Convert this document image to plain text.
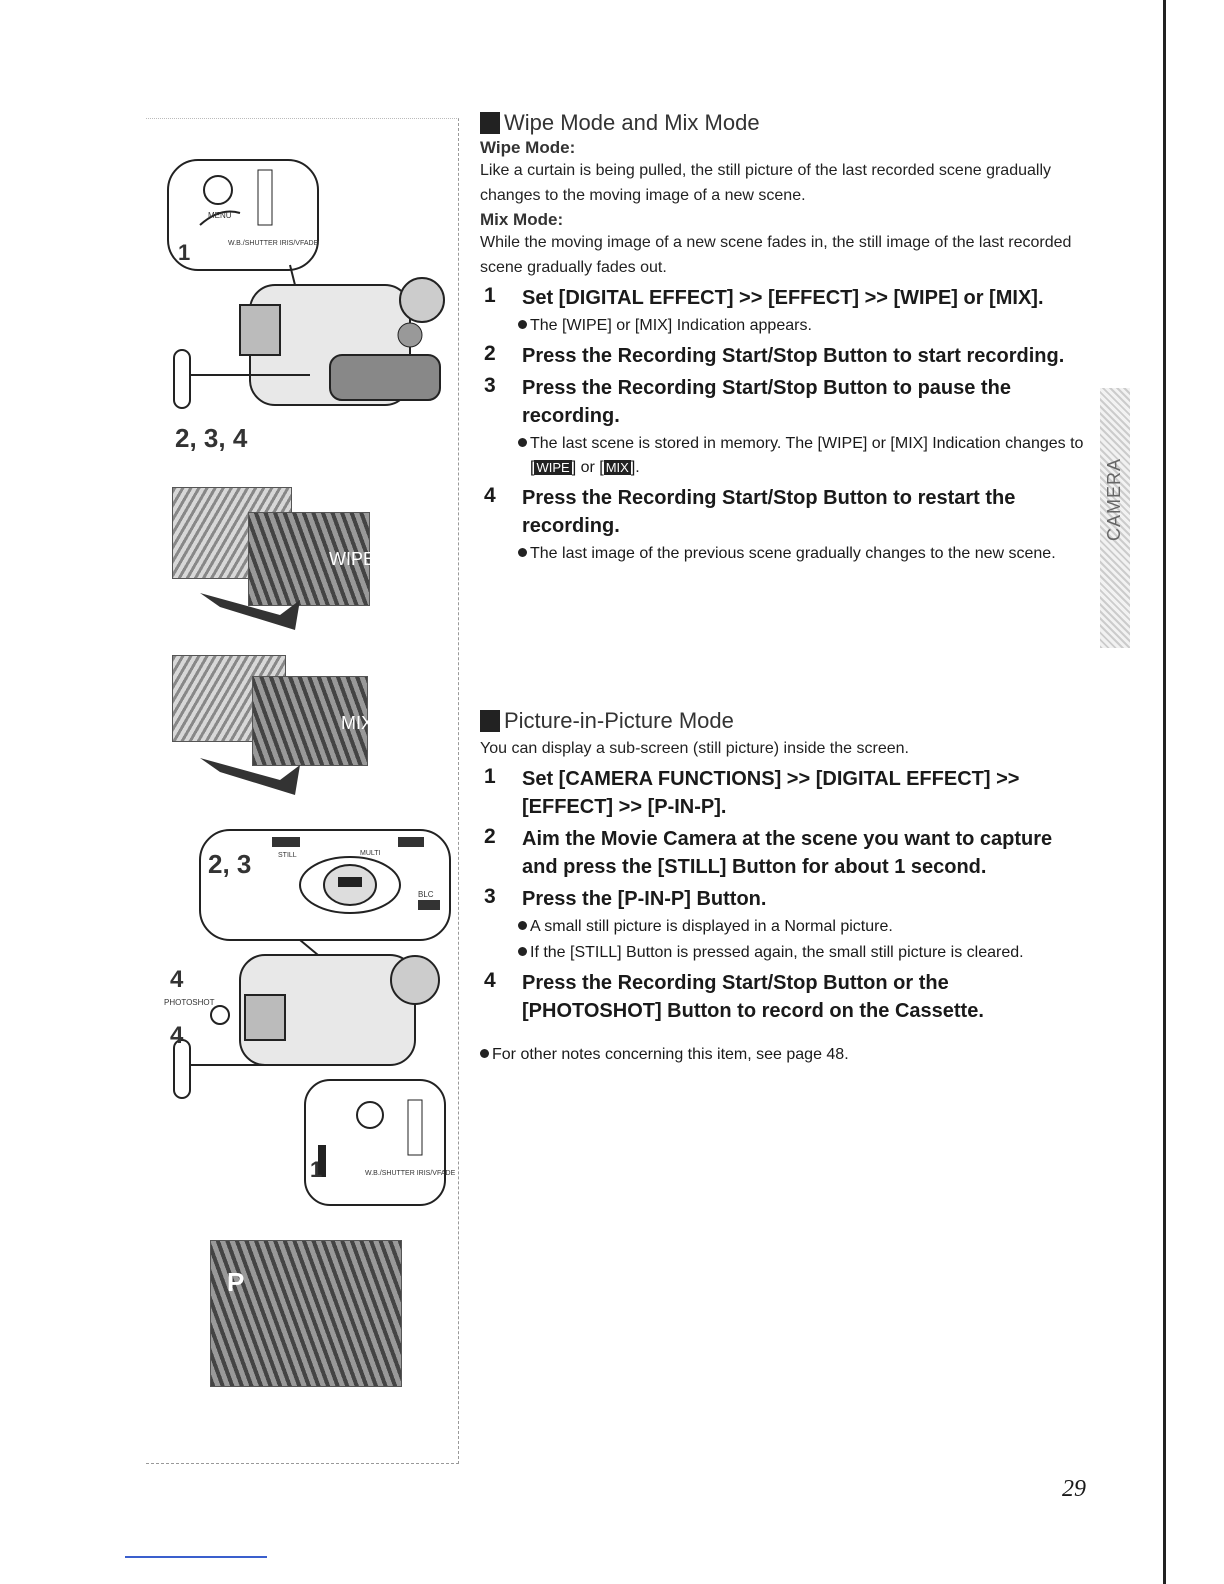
1
MENU
W.B./SHUTTER IRIS/VFADE
2, 3, 4
WIPE
MIX
2, 3	MULTI
STILL
BLC
4
PHOTOSHOT
4
1	W.B./SHUTTER IRIS/VFADE
P
Wipe Mode and Mix Mode
Wipe Mode:

Like a curtain is being pulled, the still picture of the last recorded scene gradually changes to the moving image of a new scene.

Mix Mode:

While the moving image of a new scene fades in, the still image of the last recorded scene gradually fades out.

1	Set [DIGITAL EFFECT] >> [EFFECT] >> [WIPE] or [MIX].
The [WIPE] or [MIX] Indication appears.
2	Press the Recording Start/Stop Button to start recording.
3	Press the Recording Start/Stop Button to pause the recording.
The last scene is stored in memory. The [WIPE] or [MIX] Indication changes to [ WIPE ] or [ MIX ].
4	Press the Recording Start/Stop Button to restart the recording.
The last image of the previous scene gradually changes to the new scene.
Picture-in-Picture Mode

You can display a sub-screen (still picture) inside the screen.

1	Set [CAMERA FUNCTIONS] >> [DIGITAL EFFECT] >> [EFFECT] >> [P-IN-P].
2	Aim the Movie Camera at the scene you want to capture and press the [STILL] Button for about 1 second.
3	Press the [P-IN-P] Button.
A small still picture is displayed in a Normal picture.
If the [STILL] Button is pressed again, the small still picture is cleared.
4	Press the Recording Start/Stop Button or the [PHOTOSHOT] Button to record on the Cassette.
For other notes concerning this item, see page 48.
CAMERA
29
